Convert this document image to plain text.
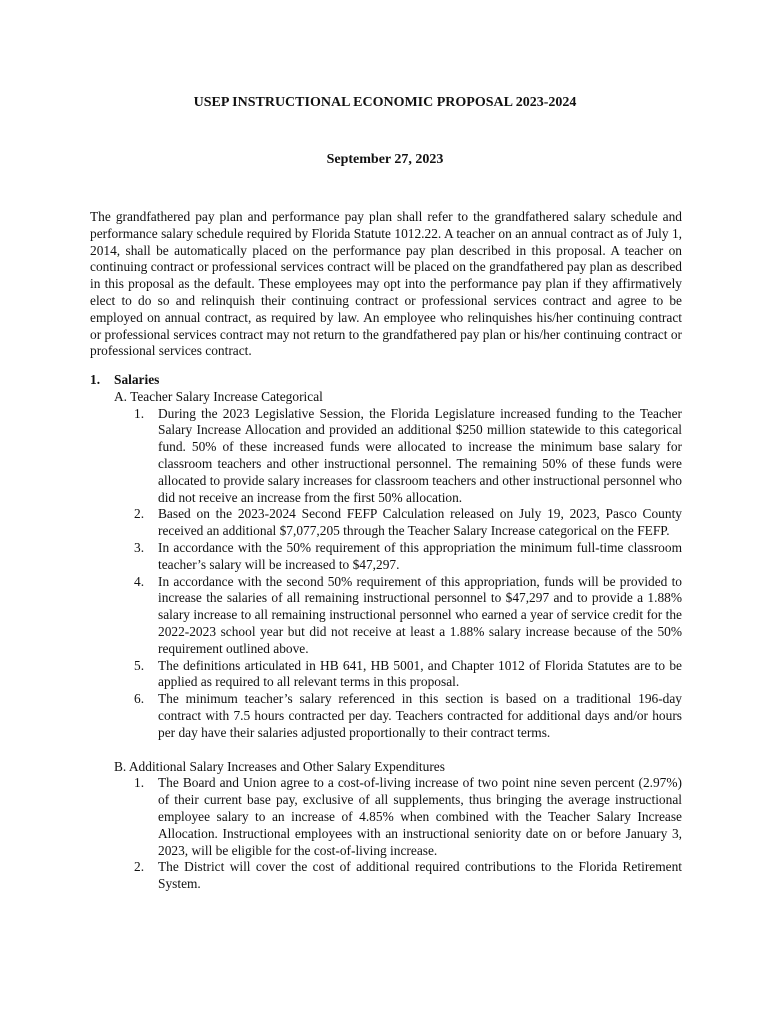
USEP INSTRUCTIONAL ECONOMIC PROPOSAL 2023-2024
September 27, 2023

The grandfathered pay plan and performance pay plan shall refer to the grandfathered salary schedule and performance salary schedule required by Florida Statute 1012.22. A teacher on an annual contract as of July 1, 2014, shall be automatically placed on the performance pay plan described in this proposal. A teacher on continuing contract or professional services contract will be placed on the grandfathered pay plan as described in this proposal as the default. These employees may opt into the performance pay plan if they affirmatively elect to do so and relinquish their continuing contract or professional services contract and agree to be employed on annual contract, as required by law. An employee who relinquishes his/her continuing contract or professional services contract may not return to the grandfathered pay plan or his/her continuing contract or professional services contract.

1.	Salaries
A. Teacher Salary Increase Categorical
1.	During the 2023 Legislative Session, the Florida Legislature increased funding to the Teacher Salary Increase Allocation and provided an additional $250 million statewide to this categorical fund. 50% of these increased funds were allocated to increase the minimum base salary for classroom teachers and other instructional personnel. The remaining 50% of these funds were allocated to provide salary increases for classroom teachers and other instructional personnel who did not receive an increase from the first 50% allocation.
2.	Based on the 2023-2024 Second FEFP Calculation released on July 19, 2023, Pasco County received an additional $7,077,205 through the Teacher Salary Increase categorical on the FEFP.
3.	In accordance with the 50% requirement of this appropriation the minimum full-time classroom teacher’s salary will be increased to $47,297.
4.	In accordance with the second 50% requirement of this appropriation, funds will be provided to increase the salaries of all remaining instructional personnel to $47,297 and to provide a 1.88% salary increase to all remaining instructional personnel who earned a year of service credit for the 2022-2023 school year but did not receive at least a 1.88% salary increase because of the 50% requirement outlined above.
5.	The definitions articulated in HB 641, HB 5001, and Chapter 1012 of Florida Statutes are to be applied as required to all relevant terms in this proposal.
6.	The minimum teacher’s salary referenced in this section is based on a traditional 196-day contract with 7.5 hours contracted per day. Teachers contracted for additional days and/or hours per day have their salaries adjusted proportionally to their contract terms.
B. Additional Salary Increases and Other Salary Expenditures
1.	The Board and Union agree to a cost-of-living increase of two point nine seven percent (2.97%) of their current base pay, exclusive of all supplements, thus bringing the average instructional employee salary to an increase of 4.85% when combined with the Teacher Salary Increase Allocation. Instructional employees with an instructional seniority date on or before January 3, 2023, will be eligible for the cost-of-living increase.
2.	The District will cover the cost of additional required contributions to the Florida Retirement System.
